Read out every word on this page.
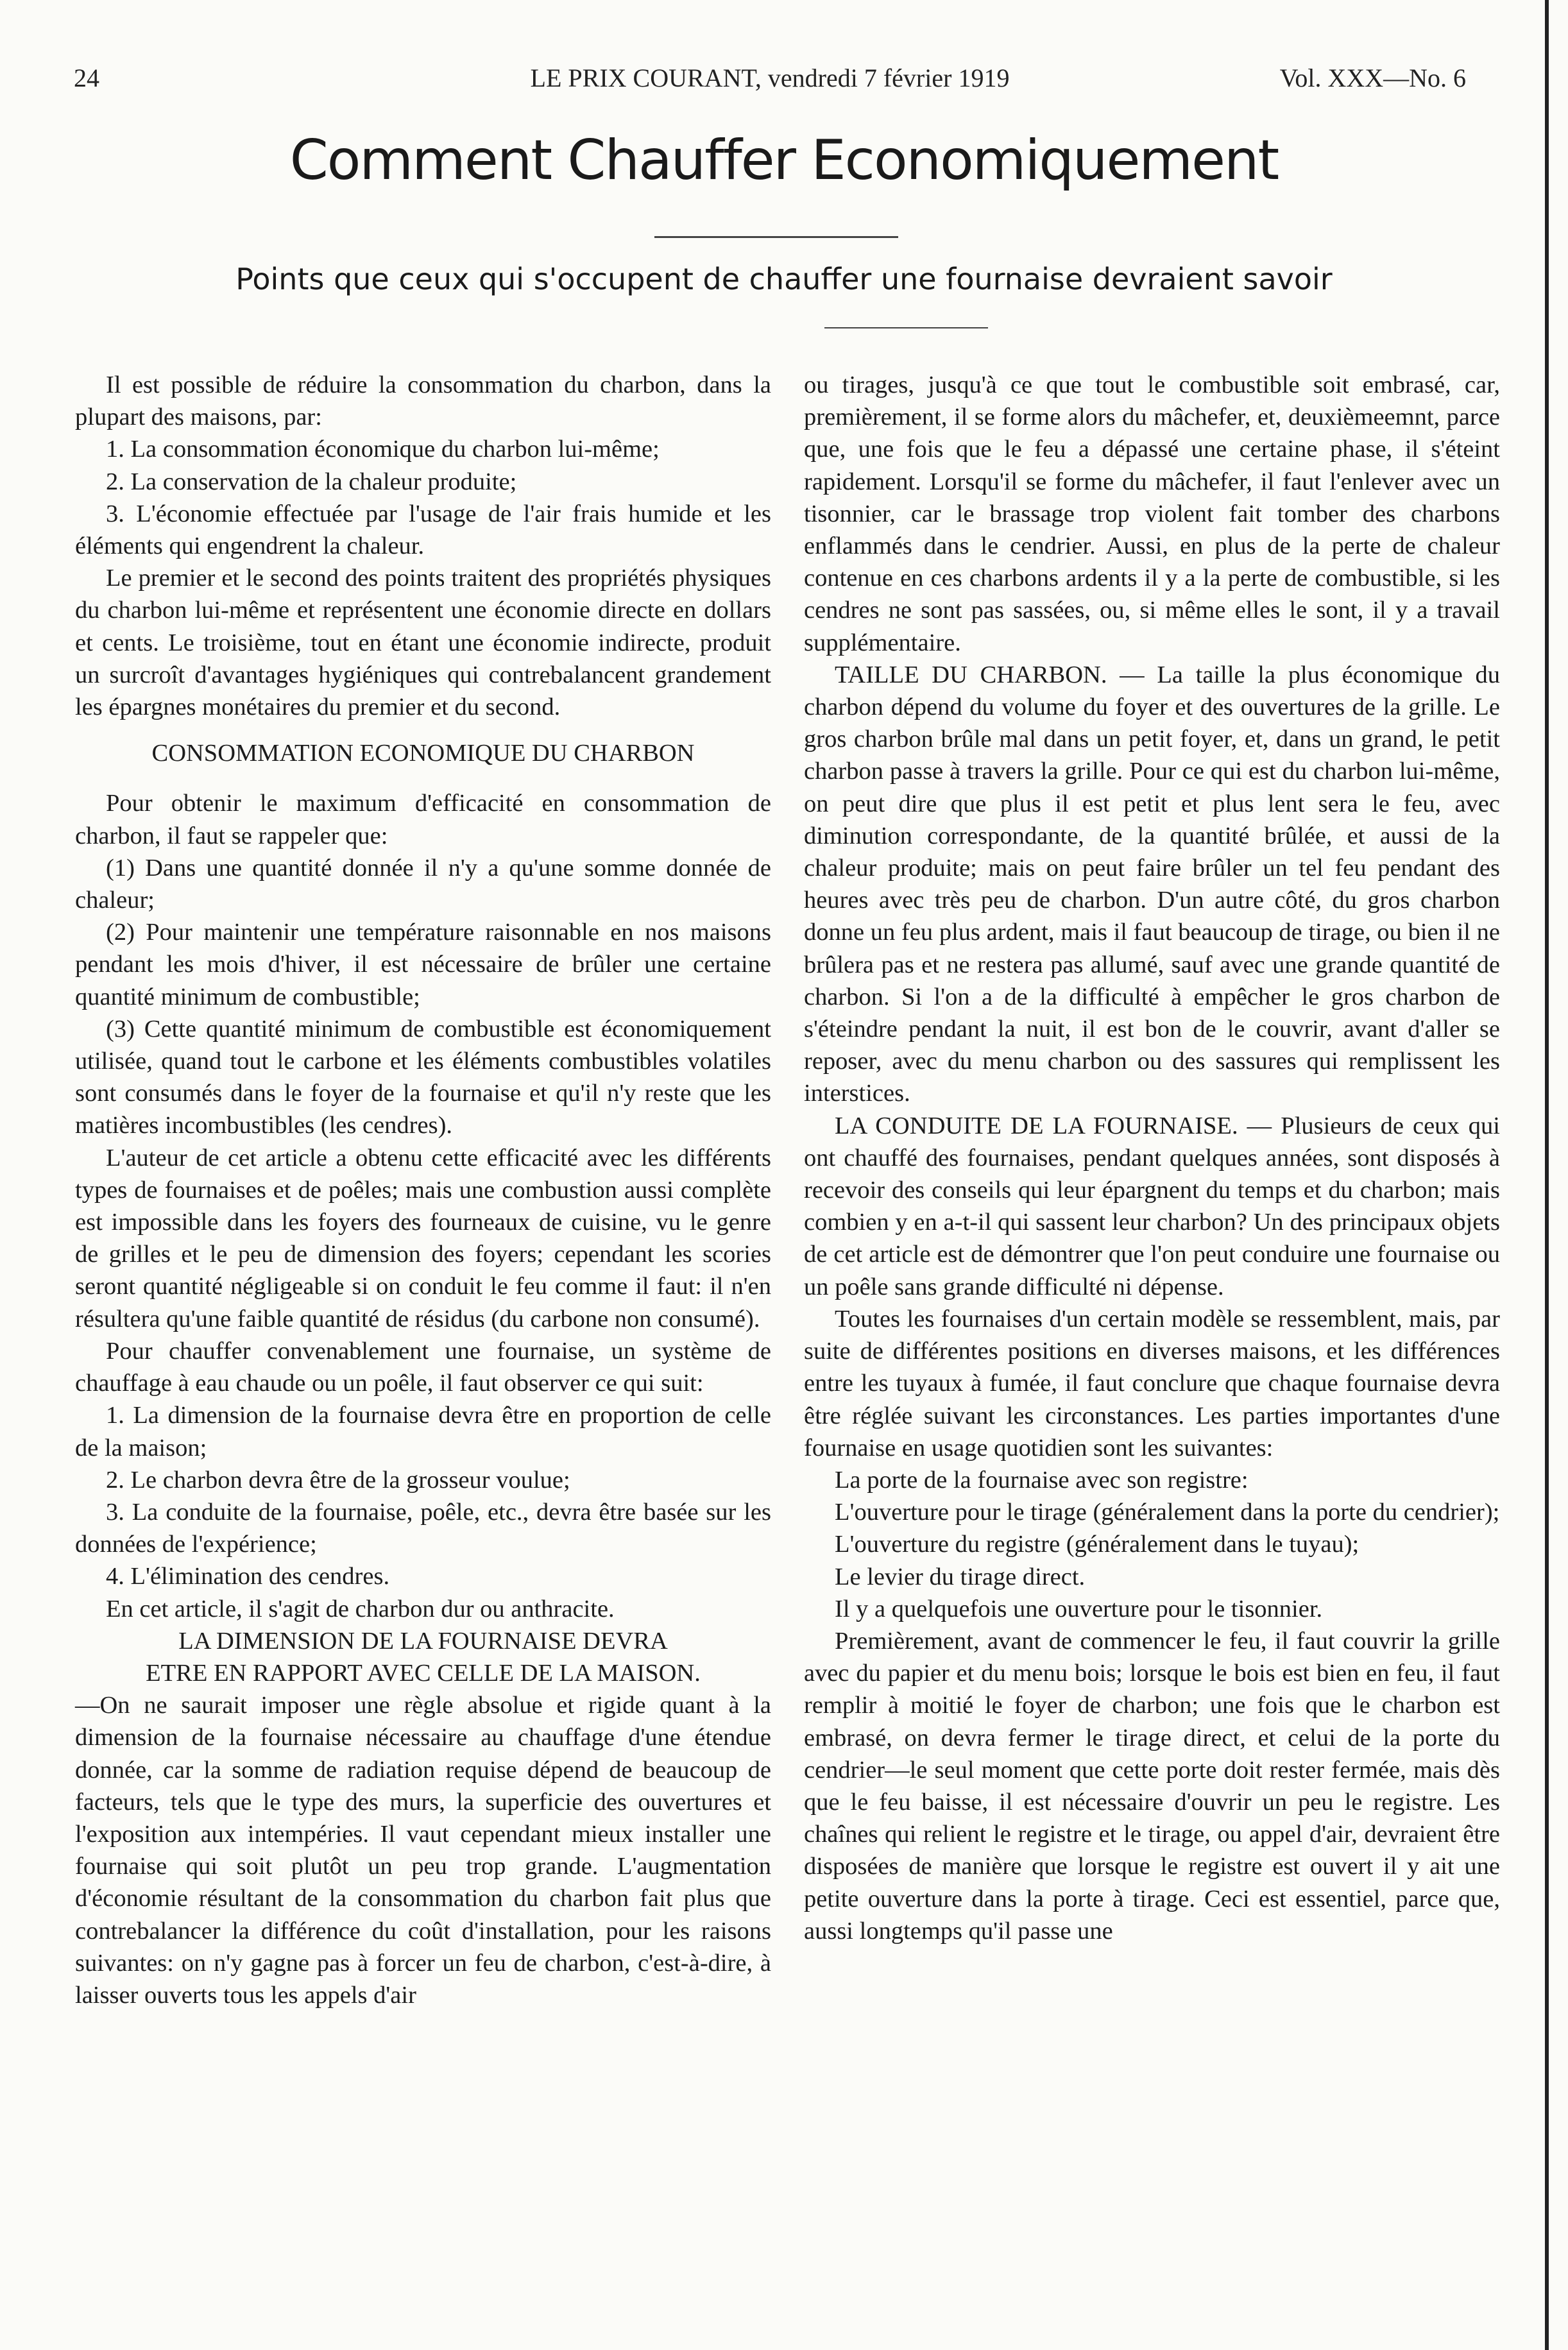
24	LE PRIX COURANT, vendredi 7 février 1919	Vol. XXX—No. 6
Comment Chauffer Economiquement
Points que ceux qui s'occupent de chauffer une fournaise devraient savoir

Il est possible de réduire la consommation du charbon, dans la plupart des maisons, par:

1. La consommation économique du charbon lui-même;

2. La conservation de la chaleur produite;

3. L'économie effectuée par l'usage de l'air frais humide et les éléments qui engendrent la chaleur.

Le premier et le second des points traitent des propriétés physiques du charbon lui-même et représentent une économie directe en dollars et cents. Le troisième, tout en étant une économie indirecte, produit un surcroît d'avantages hygiéniques qui contrebalancent grandement les épargnes monétaires du premier et du second.

CONSOMMATION ECONOMIQUE DU CHARBON

Pour obtenir le maximum d'efficacité en consommation de charbon, il faut se rappeler que:

(1) Dans une quantité donnée il n'y a qu'une somme donnée de chaleur;

(2) Pour maintenir une température raisonnable en nos maisons pendant les mois d'hiver, il est nécessaire de brûler une certaine quantité minimum de combustible;

(3) Cette quantité minimum de combustible est économiquement utilisée, quand tout le carbone et les éléments combustibles volatiles sont consumés dans le foyer de la fournaise et qu'il n'y reste que les matières incombustibles (les cendres).

L'auteur de cet article a obtenu cette efficacité avec les différents types de fournaises et de poêles; mais une combustion aussi complète est impossible dans les foyers des fourneaux de cuisine, vu le genre de grilles et le peu de dimension des foyers; cependant les scories seront quantité négligeable si on conduit le feu comme il faut: il n'en résultera qu'une faible quantité de résidus (du carbone non consumé).

Pour chauffer convenablement une fournaise, un système de chauffage à eau chaude ou un poêle, il faut observer ce qui suit:

1. La dimension de la fournaise devra être en proportion de celle de la maison;

2. Le charbon devra être de la grosseur voulue;

3. La conduite de la fournaise, poêle, etc., devra être basée sur les données de l'expérience;

4. L'élimination des cendres.

En cet article, il s'agit de charbon dur ou anthracite.

LA DIMENSION DE LA FOURNAISE DEVRA

ETRE EN RAPPORT AVEC CELLE DE LA MAISON.

—On ne saurait imposer une règle absolue et rigide quant à la dimension de la fournaise nécessaire au chauffage d'une étendue donnée, car la somme de radiation requise dépend de beaucoup de facteurs, tels que le type des murs, la superficie des ouvertures et l'exposition aux intempéries. Il vaut cependant mieux installer une fournaise qui soit plutôt un peu trop grande. L'augmentation d'économie résultant de la consommation du charbon fait plus que contrebalancer la différence du coût d'installation, pour les raisons suivantes: on n'y gagne pas à forcer un feu de charbon, c'est-à-dire, à laisser ouverts tous les appels d'air

ou tirages, jusqu'à ce que tout le combustible soit embrasé, car, premièrement, il se forme alors du mâchefer, et, deuxièmeemnt, parce que, une fois que le feu a dépassé une certaine phase, il s'éteint rapidement. Lorsqu'il se forme du mâchefer, il faut l'enlever avec un tisonnier, car le brassage trop violent fait tomber des charbons enflammés dans le cendrier. Aussi, en plus de la perte de chaleur contenue en ces charbons ardents il y a la perte de combustible, si les cendres ne sont pas sassées, ou, si même elles le sont, il y a travail supplémentaire.

TAILLE DU CHARBON. — La taille la plus économique du charbon dépend du volume du foyer et des ouvertures de la grille. Le gros charbon brûle mal dans un petit foyer, et, dans un grand, le petit charbon passe à travers la grille. Pour ce qui est du charbon lui-même, on peut dire que plus il est petit et plus lent sera le feu, avec diminution correspondante, de la quantité brûlée, et aussi de la chaleur produite; mais on peut faire brûler un tel feu pendant des heures avec très peu de charbon. D'un autre côté, du gros charbon donne un feu plus ardent, mais il faut beaucoup de tirage, ou bien il ne brûlera pas et ne restera pas allumé, sauf avec une grande quantité de charbon. Si l'on a de la difficulté à empêcher le gros charbon de s'éteindre pendant la nuit, il est bon de le couvrir, avant d'aller se reposer, avec du menu charbon ou des sassures qui remplissent les interstices.

LA CONDUITE DE LA FOURNAISE. — Plusieurs de ceux qui ont chauffé des fournaises, pendant quelques années, sont disposés à recevoir des conseils qui leur épargnent du temps et du charbon; mais combien y en a-t-il qui sassent leur charbon? Un des principaux objets de cet article est de démontrer que l'on peut conduire une fournaise ou un poêle sans grande difficulté ni dépense.

Toutes les fournaises d'un certain modèle se ressemblent, mais, par suite de différentes positions en diverses maisons, et les différences entre les tuyaux à fumée, il faut conclure que chaque fournaise devra être réglée suivant les circonstances. Les parties importantes d'une fournaise en usage quotidien sont les suivantes:

La porte de la fournaise avec son registre:

L'ouverture pour le tirage (généralement dans la porte du cendrier);

L'ouverture du registre (généralement dans le tuyau);

Le levier du tirage direct.

Il y a quelquefois une ouverture pour le tisonnier.

Premièrement, avant de commencer le feu, il faut couvrir la grille avec du papier et du menu bois; lorsque le bois est bien en feu, il faut remplir à moitié le foyer de charbon; une fois que le charbon est embrasé, on devra fermer le tirage direct, et celui de la porte du cendrier—le seul moment que cette porte doit rester fermée, mais dès que le feu baisse, il est nécessaire d'ouvrir un peu le registre. Les chaînes qui relient le registre et le tirage, ou appel d'air, devraient être disposées de manière que lorsque le registre est ouvert il y ait une petite ouverture dans la porte à tirage. Ceci est essentiel, parce que, aussi longtemps qu'il passe une
